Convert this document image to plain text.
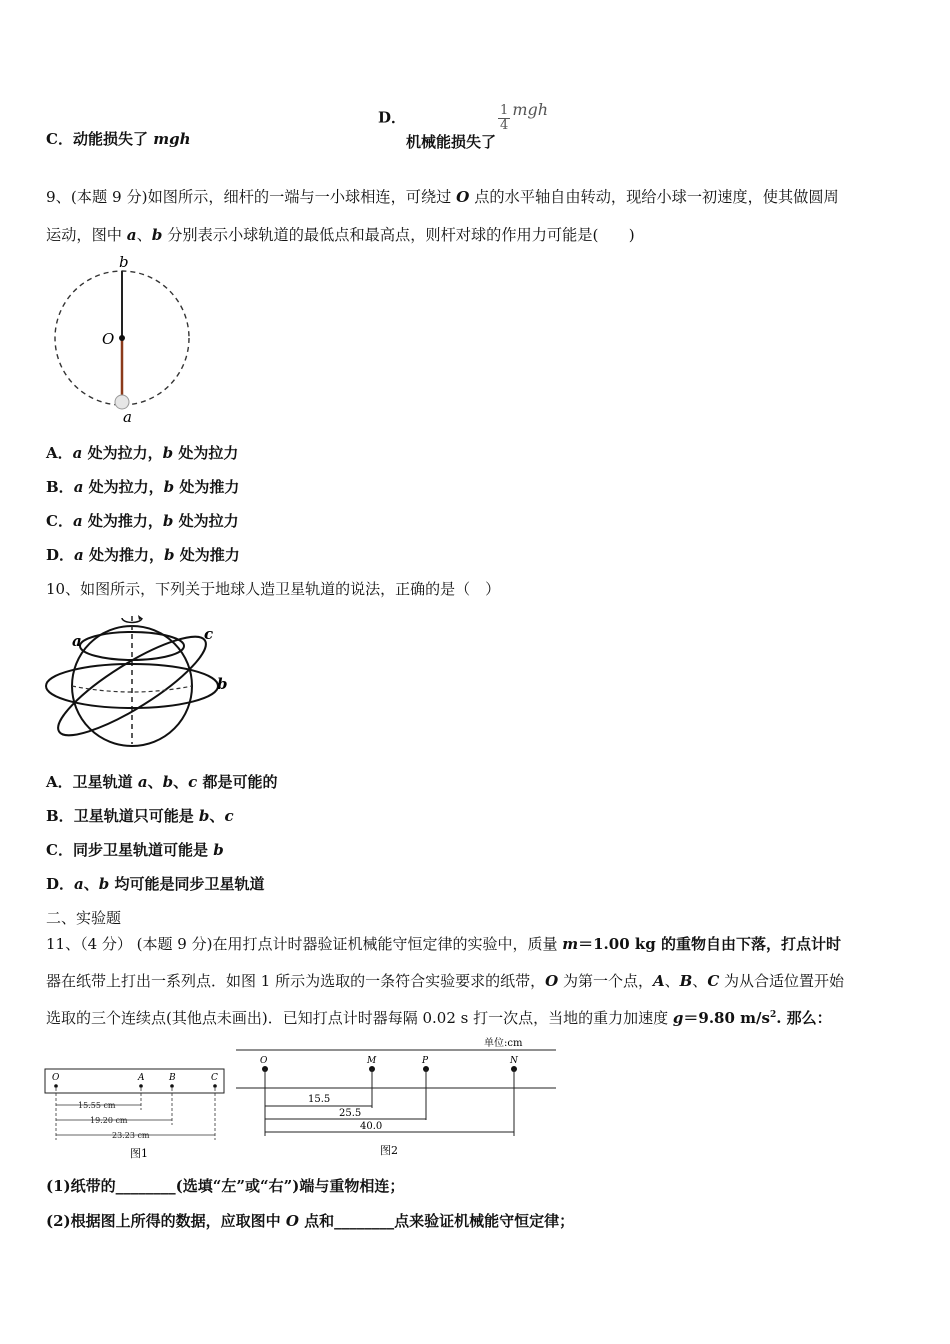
C．动能损失了 mgh
D．机械能损失了
$\frac{1}{4}$ mgh
9、(本题 9 分)如图所示，细杆的一端与一小球相连，可绕过 O 点的水平轴自由转动，现给小球一初速度，使其做圆周
运动，图中 a、b 分别表示小球轨道的最低点和最高点，则杆对球的作用力可能是(　　)
b
O
a
A．a 处为拉力，b 处为拉力
B．a 处为拉力，b 处为推力
C．a 处为推力，b 处为拉力
D．a 处为推力，b 处为推力
10、如图所示，下列关于地球人造卫星轨道的说法，正确的是（　）
a
b
c
A．卫星轨道 a、b、c 都是可能的
B．卫星轨道只可能是 b、c
C．同步卫星轨道可能是 b
D．a、b 均可能是同步卫星轨道
二、实验题
11、（4 分） (本题 9 分)在用打点计时器验证机械能守恒定律的实验中，质量 m＝1.00 kg 的重物自由下落，打点计时
器在纸带上打出一系列点．如图 1 所示为选取的一条符合实验要求的纸带，O 为第一个点，A、B、C 为从合适位置开始
选取的三个连续点(其他点未画出)．已知打点计时器每隔 0.02 s 打一次点，当地的重力加速度 g＝9.80 $m/s^2$. 那么：
O	A	B	C
15.55 cm
19.20 cm
23.23 cm
图1
单位:cm
O	M	P	N
15.5
25.5
40.0
图2
(1)纸带的________(选填“左”或“右”)端与重物相连；
(2)根据图上所得的数据，应取图中 O 点和________点来验证机械能守恒定律；
